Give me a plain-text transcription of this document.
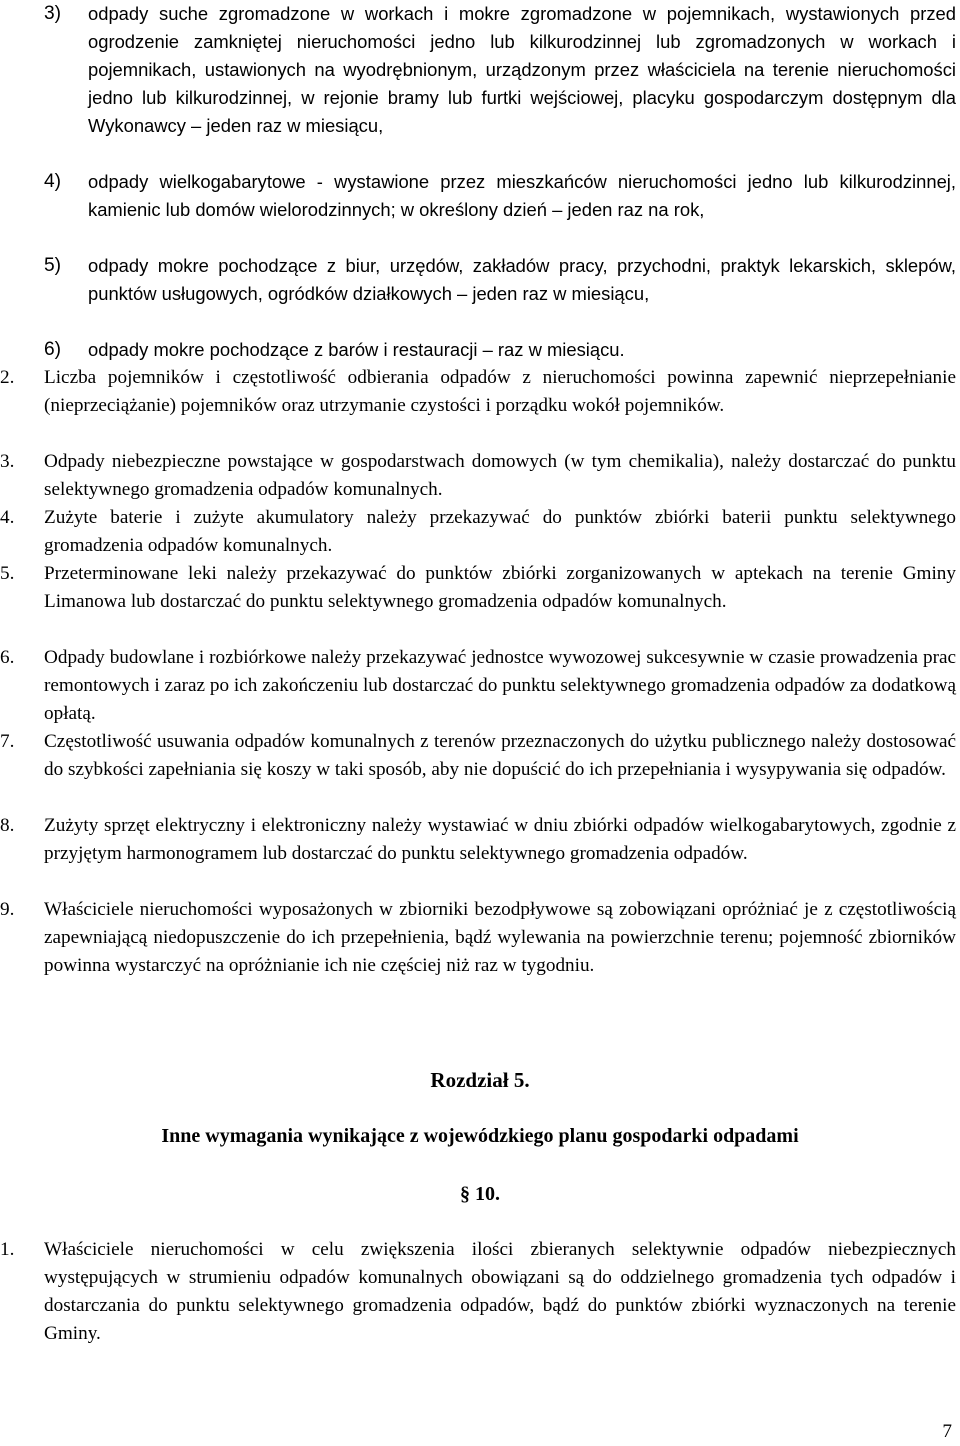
3) odpady suche zgromadzone w workach i mokre zgromadzone w pojemnikach, wystawionych przed ogrodzenie zamkniętej nieruchomości jedno lub kilkurodzinnej lub zgromadzonych w workach i pojemnikach, ustawionych na wyodrębnionym, urządzonym przez właściciela na terenie nieruchomości jedno lub kilkurodzinnej, w rejonie bramy lub furtki wejściowej, placyku gospodarczym dostępnym dla Wykonawcy – jeden raz w miesiącu,
4) odpady wielkogabarytowe - wystawione przez mieszkańców nieruchomości jedno lub kilkurodzinnej, kamienic lub domów wielorodzinnych; w określony dzień – jeden raz na rok,
5) odpady mokre pochodzące z biur, urzędów, zakładów pracy, przychodni, praktyk lekarskich, sklepów, punktów usługowych, ogródków działkowych – jeden raz w miesiącu,
6) odpady mokre pochodzące z barów i restauracji – raz w miesiącu.
2. Liczba pojemników i częstotliwość odbierania odpadów z nieruchomości powinna zapewnić nieprzepełnianie (nieprzeciążanie) pojemników oraz utrzymanie czystości i porządku wokół pojemników.
3. Odpady niebezpieczne powstające w gospodarstwach domowych (w tym chemikalia), należy dostarczać do punktu selektywnego gromadzenia odpadów komunalnych.
4. Zużyte baterie i zużyte akumulatory należy przekazywać do punktów zbiórki baterii punktu selektywnego gromadzenia odpadów komunalnych.
5. Przeterminowane leki należy przekazywać do punktów zbiórki zorganizowanych w aptekach na terenie Gminy Limanowa lub dostarczać do punktu selektywnego gromadzenia odpadów komunalnych.
6. Odpady budowlane i rozbiórkowe należy przekazywać jednostce wywozowej sukcesywnie w czasie prowadzenia prac remontowych i zaraz po ich zakończeniu lub dostarczać do punktu selektywnego gromadzenia odpadów za dodatkową opłatą.
7. Częstotliwość usuwania odpadów komunalnych z terenów przeznaczonych do użytku publicznego należy dostosować do szybkości zapełniania się koszy w taki sposób, aby nie dopuścić do ich przepełniania i wysypywania się odpadów.
8. Zużyty sprzęt elektryczny i elektroniczny należy wystawiać w dniu zbiórki odpadów wielkogabarytowych, zgodnie z przyjętym harmonogramem lub dostarczać do punktu selektywnego gromadzenia odpadów.
9. Właściciele nieruchomości wyposażonych w zbiorniki bezodpływowe są zobowiązani opróżniać je z częstotliwością zapewniającą niedopuszczenie do ich przepełnienia, bądź wylewania na powierzchnie terenu; pojemność zbiorników powinna wystarczyć na opróżnianie ich nie częściej niż raz w tygodniu.
Rozdział 5.
Inne wymagania wynikające z wojewódzkiego planu gospodarki odpadami
§ 10.
1. Właściciele nieruchomości w celu zwiększenia ilości zbieranych selektywnie odpadów niebezpiecznych występujących w strumieniu odpadów komunalnych obowiązani są do oddzielnego gromadzenia tych odpadów i dostarczania do punktu selektywnego gromadzenia odpadów, bądź do punktów zbiórki wyznaczonych na terenie Gminy.
7
